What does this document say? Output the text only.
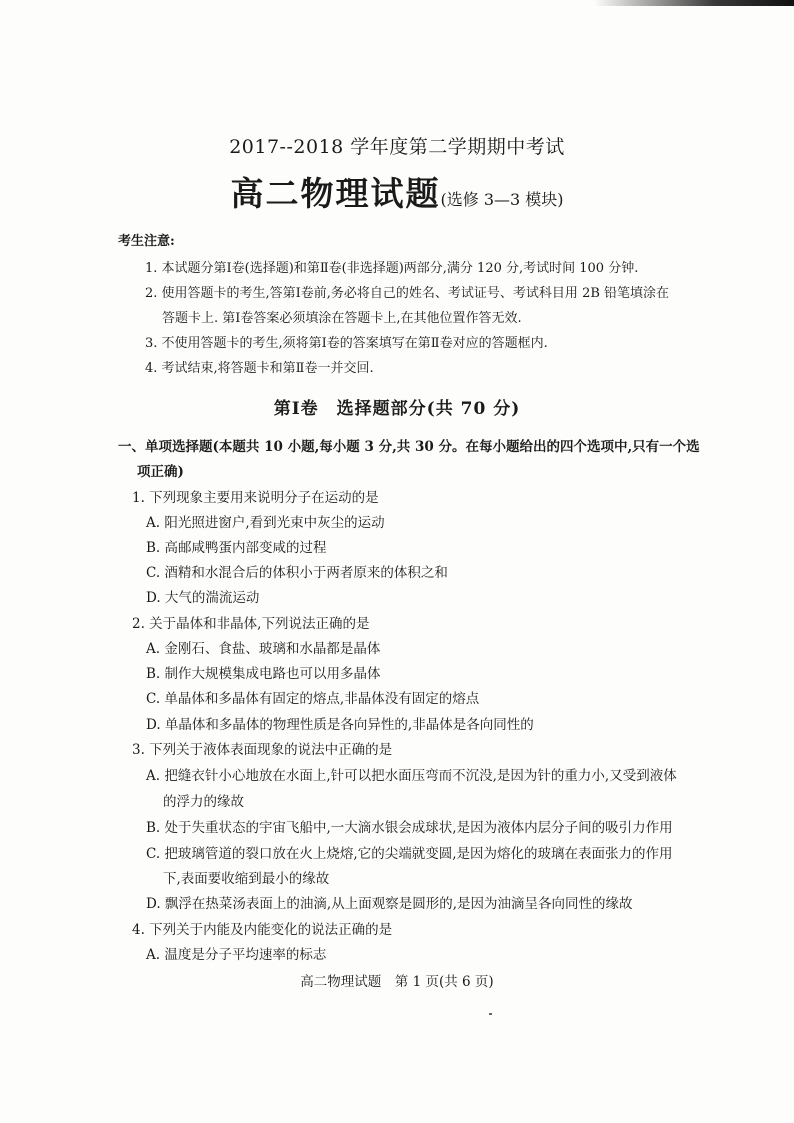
2017--2018 学年度第二学期期中考试
高二物理试题(选修 3—3 模块)
考生注意:
1. 本试题分第Ⅰ卷(选择题)和第Ⅱ卷(非选择题)两部分,满分 120 分,考试时间 100 分钟.
2. 使用答题卡的考生,答第Ⅰ卷前,务必将自己的姓名、考试证号、考试科目用 2B 铅笔填涂在
答题卡上. 第Ⅰ卷答案必须填涂在答题卡上,在其他位置作答无效.
3. 不使用答题卡的考生,须将第Ⅰ卷的答案填写在第Ⅱ卷对应的答题框内.
4. 考试结束,将答题卡和第Ⅱ卷一并交回.
第Ⅰ卷　选择题部分(共 70 分)
一、单项选择题(本题共 10 小题,每小题 3 分,共 30 分。在每小题给出的四个选项中,只有一个选
项正确)
1. 下列现象主要用来说明分子在运动的是
A. 阳光照进窗户,看到光束中灰尘的运动
B. 高邮咸鸭蛋内部变咸的过程
C. 酒精和水混合后的体积小于两者原来的体积之和
D. 大气的湍流运动
2. 关于晶体和非晶体,下列说法正确的是
A. 金刚石、食盐、玻璃和水晶都是晶体
B. 制作大规模集成电路也可以用多晶体
C. 单晶体和多晶体有固定的熔点,非晶体没有固定的熔点
D. 单晶体和多晶体的物理性质是各向异性的,非晶体是各向同性的
3. 下列关于液体表面现象的说法中正确的是
A. 把缝衣针小心地放在水面上,针可以把水面压弯而不沉没,是因为针的重力小,又受到液体
的浮力的缘故
B. 处于失重状态的宇宙飞船中,一大滴水银会成球状,是因为液体内层分子间的吸引力作用
C. 把玻璃管道的裂口放在火上烧熔,它的尖端就变圆,是因为熔化的玻璃在表面张力的作用
下,表面要收缩到最小的缘故
D. 飘浮在热菜汤表面上的油滴,从上面观察是圆形的,是因为油滴呈各向同性的缘故
4. 下列关于内能及内能变化的说法正确的是
A. 温度是分子平均速率的标志
高二物理试题　第 1 页(共 6 页)
